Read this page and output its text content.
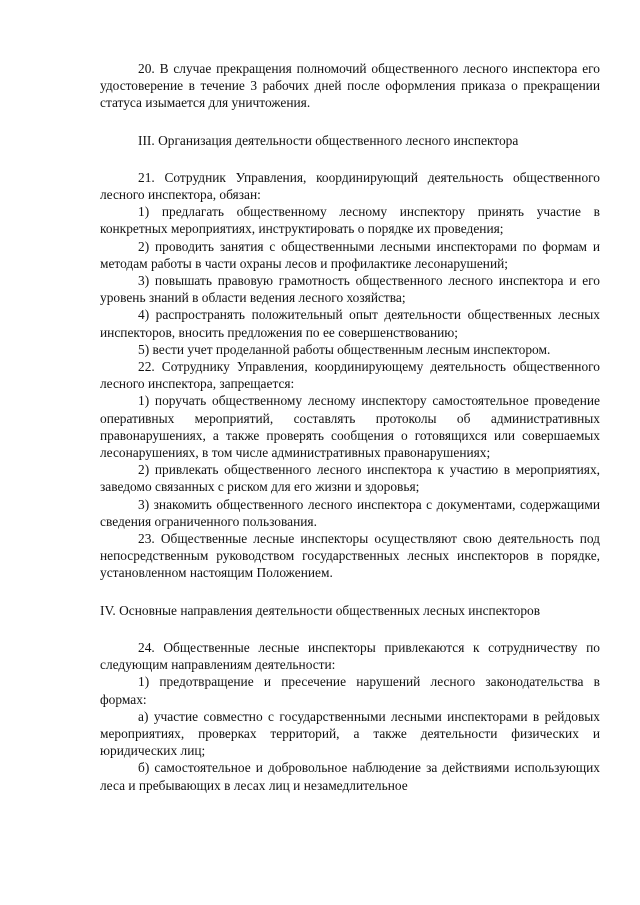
20. В случае прекращения полномочий общественного лесного инспектора его удостоверение в течение 3 рабочих дней после оформления приказа о прекращении статуса изымается для уничтожения.

III. Организация деятельности общественного лесного инспектора

21. Сотрудник Управления, координирующий деятельность общественного лесного инспектора, обязан:

1) предлагать общественному лесному инспектору принять участие в конкретных мероприятиях, инструктировать о порядке их проведения;

2) проводить занятия с общественными лесными инспекторами по формам и методам работы в части охраны лесов и профилактике лесонарушений;

3) повышать правовую грамотность общественного лесного инспектора и его уровень знаний в области ведения лесного хозяйства;

4) распространять положительный опыт деятельности общественных лесных инспекторов, вносить предложения по ее совершенствованию;

5) вести учет проделанной работы общественным лесным инспектором.

22. Сотруднику Управления, координирующему деятельность общественного лесного инспектора, запрещается:

1) поручать общественному лесному инспектору самостоятельное проведение оперативных мероприятий, составлять протоколы об административных правонарушениях, а также проверять сообщения о готовящихся или совершаемых лесонарушениях, в том числе административных правонарушениях;

2) привлекать общественного лесного инспектора к участию в мероприятиях, заведомо связанных с риском для его жизни и здоровья;

3) знакомить общественного лесного инспектора с документами, содержащими сведения ограниченного пользования.

23. Общественные лесные инспекторы осуществляют свою деятельность под непосредственным руководством государственных лесных инспекторов в порядке, установленном настоящим Положением.

IV. Основные направления деятельности общественных лесных инспекторов

24. Общественные лесные инспекторы привлекаются к сотрудничеству по следующим направлениям деятельности:

1) предотвращение и пресечение нарушений лесного законодательства в формах:

а) участие совместно с государственными лесными инспекторами в рейдовых мероприятиях, проверках территорий, а также деятельности физических и юридических лиц;

б) самостоятельное и добровольное наблюдение за действиями использующих леса и пребывающих в лесах лиц и незамедлительное
